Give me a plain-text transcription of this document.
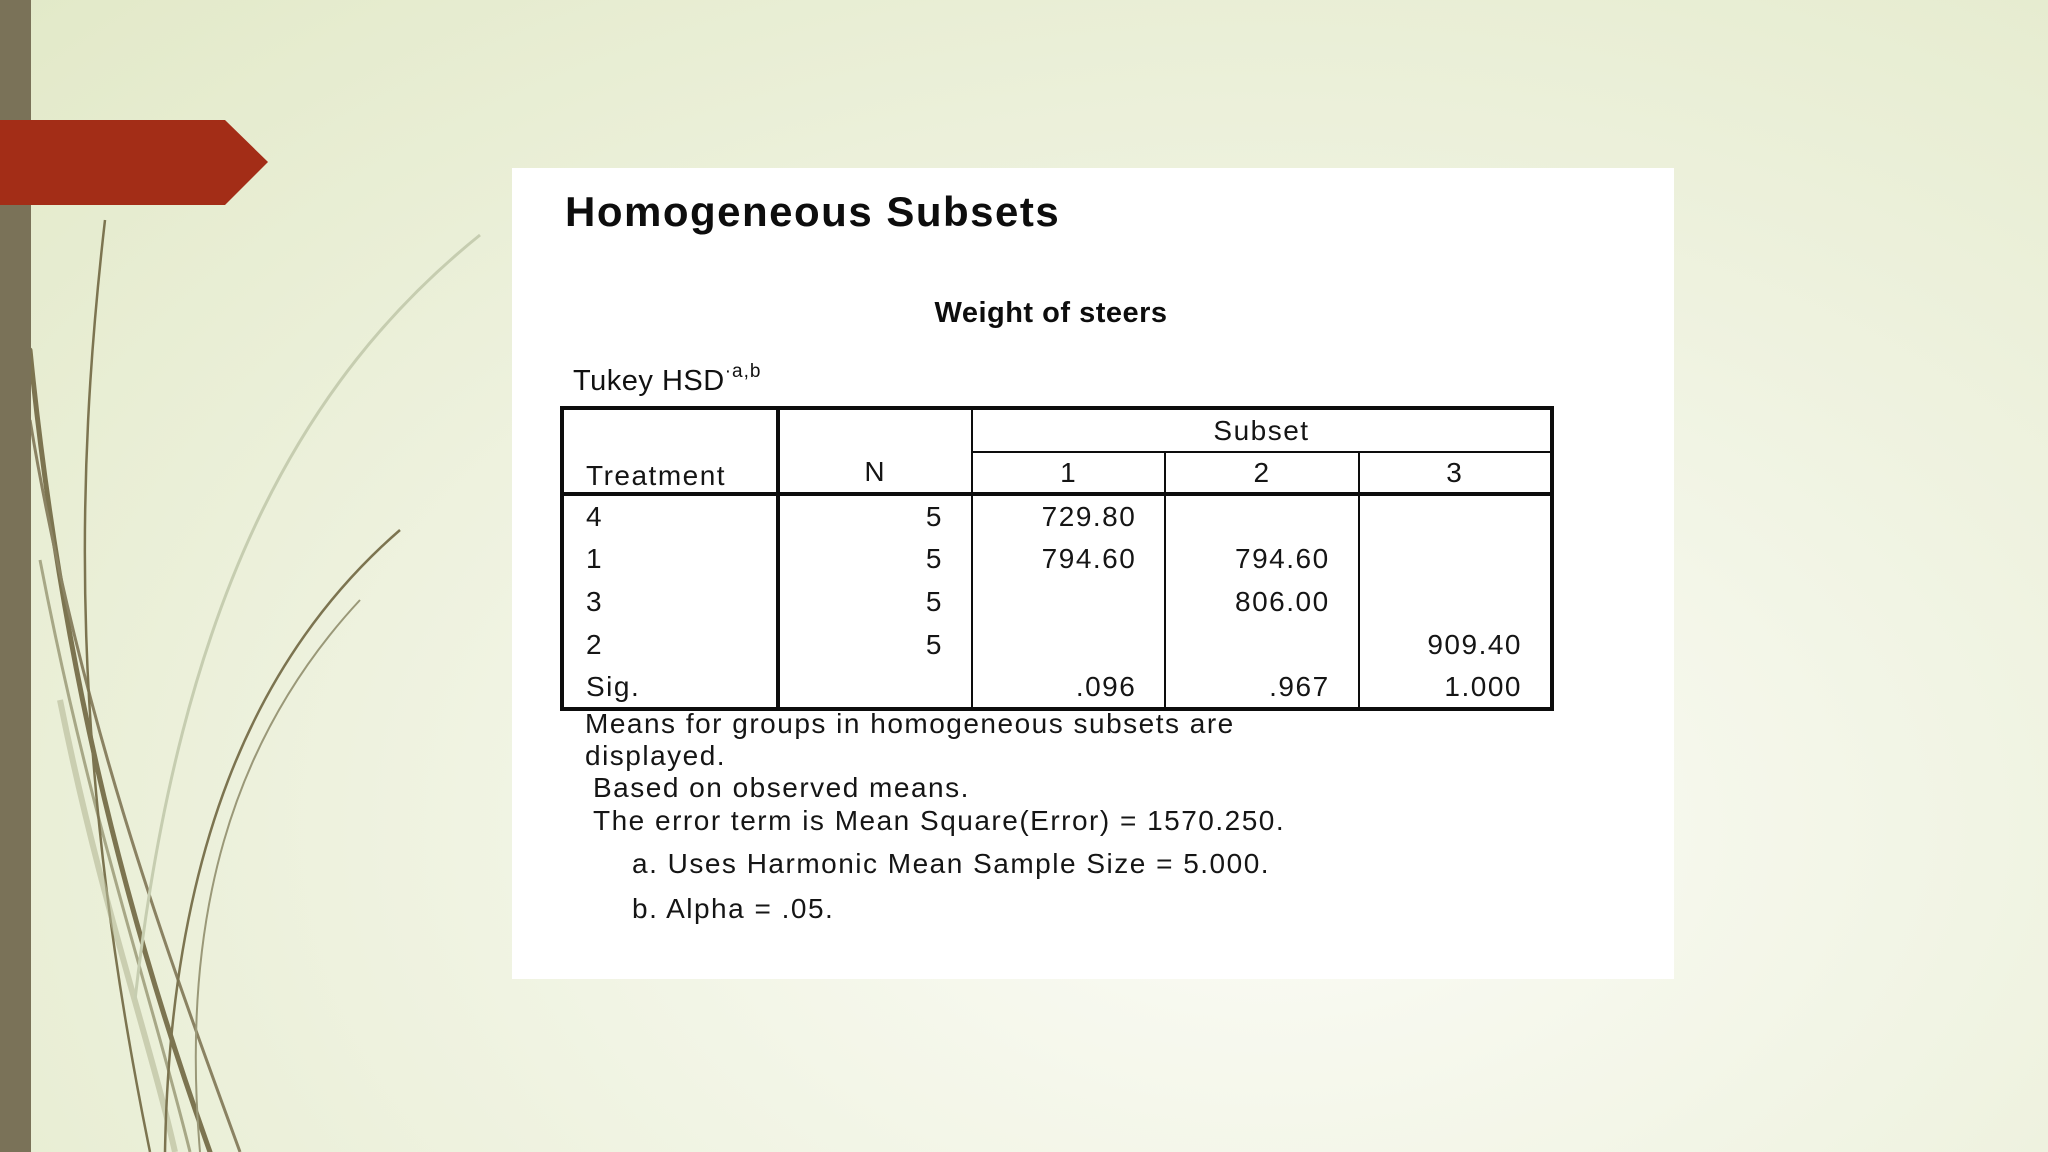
Homogeneous Subsets
Weight of steers
Tukey $HSD^{\cdot a,b}$
Treatment	N	Subset		
		1	2	3
4	5	729.80		
1	5	794.60	794.60	
3	5		806.00	
2	5			909.40
Sig.		.096	.967	1.000
Means for groups in homogeneous subsets are
displayed.
Based on observed means.
The error term is Mean Square(Error) = 1570.250.
a. Uses Harmonic Mean Sample Size = 5.000.
b. Alpha = .05.
